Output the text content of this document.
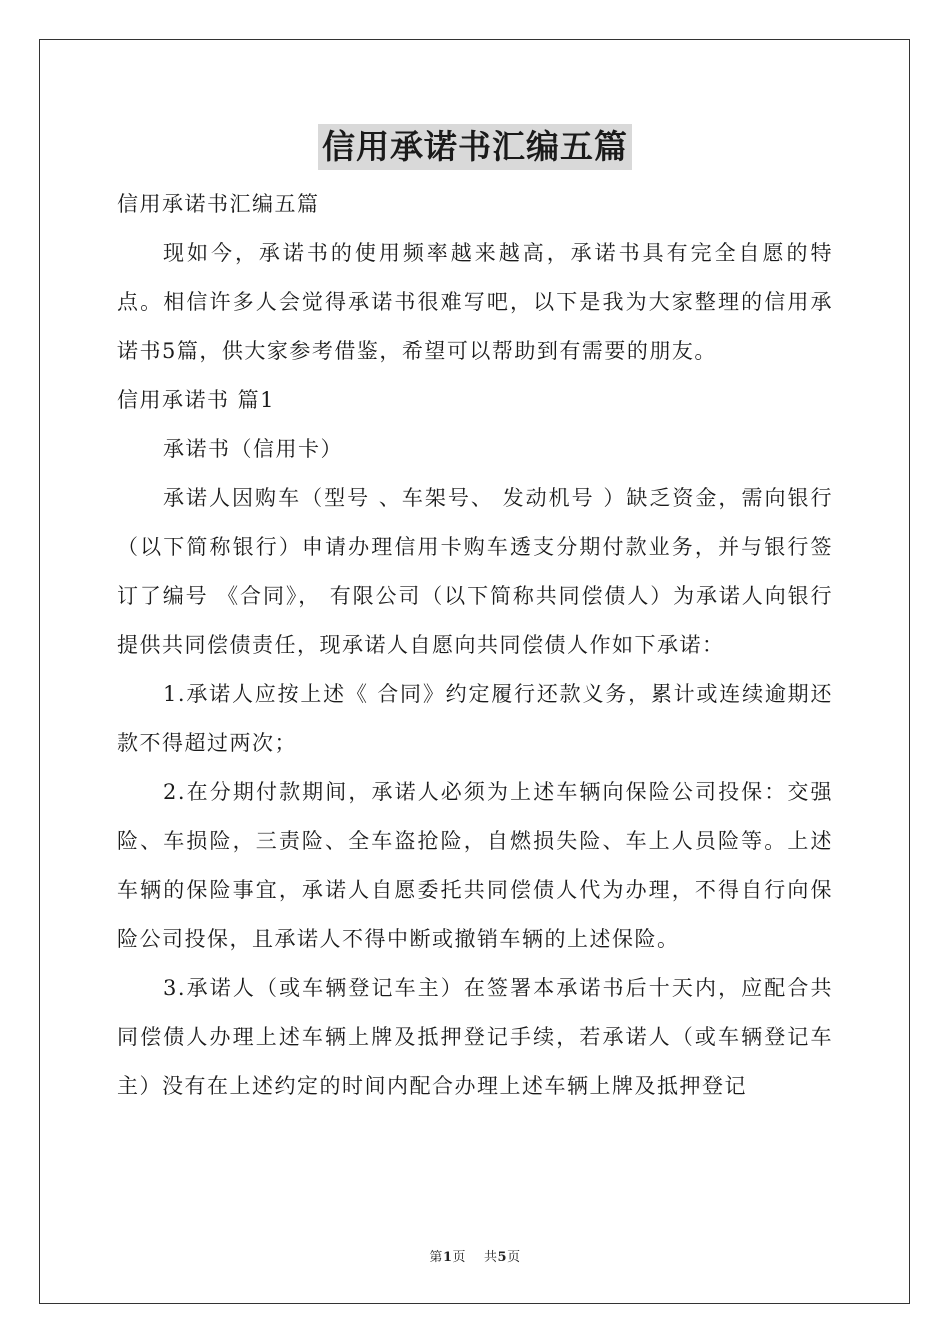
信用承诺书汇编五篇

信用承诺书汇编五篇

现如今，承诺书的使用频率越来越高，承诺书具有完全自愿的特点。相信许多人会觉得承诺书很难写吧，以下是我为大家整理的信用承诺书5篇，供大家参考借鉴，希望可以帮助到有需要的朋友。

信用承诺书 篇1

承诺书（信用卡）

承诺人因购车（型号 、车架号、 发动机号 ）缺乏资金，需向银行（以下简称银行）申请办理信用卡购车透支分期付款业务，并与银行签订了编号 《合同》， 有限公司（以下简称共同偿债人）为承诺人向银行提供共同偿债责任，现承诺人自愿向共同偿债人作如下承诺：

1.承诺人应按上述《 合同》约定履行还款义务，累计或连续逾期还款不得超过两次；

2.在分期付款期间，承诺人必须为上述车辆向保险公司投保：交强险、车损险，三责险、全车盗抢险，自燃损失险、车上人员险等。上述车辆的保险事宜，承诺人自愿委托共同偿债人代为办理，不得自行向保险公司投保，且承诺人不得中断或撤销车辆的上述保险。

3.承诺人（或车辆登记车主）在签署本承诺书后十天内，应配合共同偿债人办理上述车辆上牌及抵押登记手续，若承诺人（或车辆登记车主）没有在上述约定的时间内配合办理上述车辆上牌及抵押登记

第1页 共5页
